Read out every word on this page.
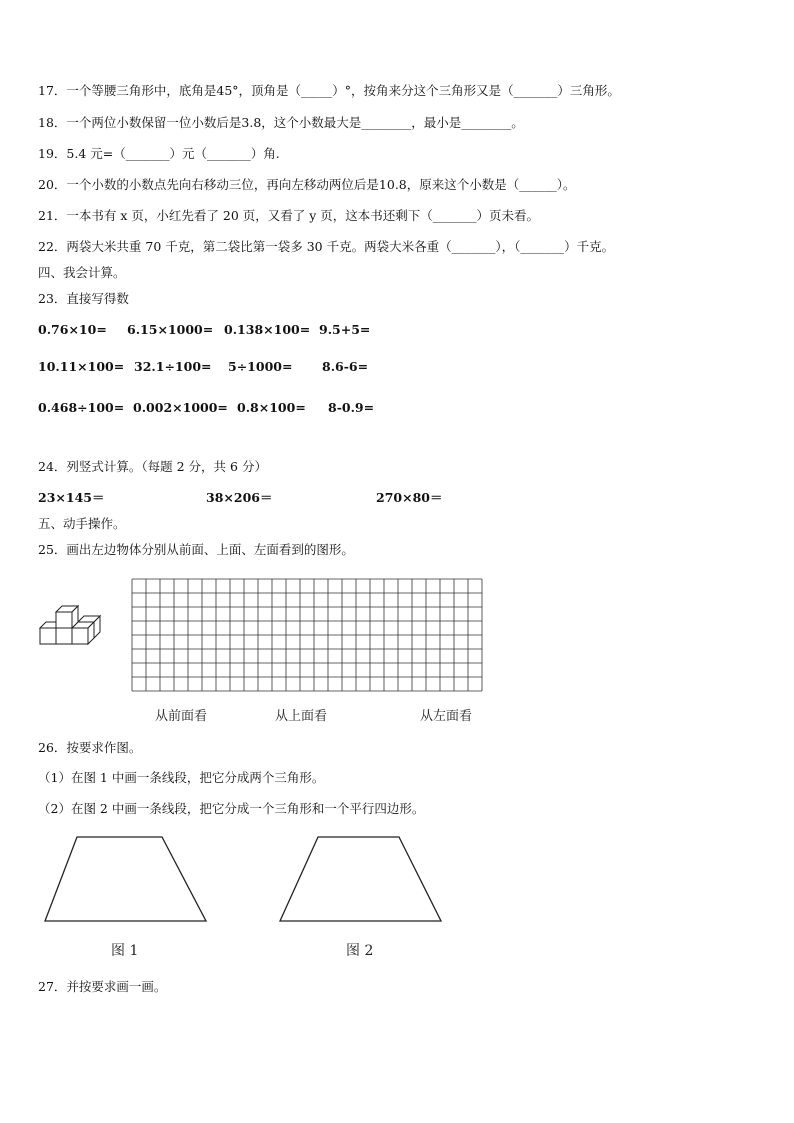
17．一个等腰三角形中，底角是45°，顶角是（_____）°，按角来分这个三角形又是（_______）三角形。
18．一个两位小数保留一位小数后是3.8，这个小数最大是________，最小是________。
19．5.4 元=（_______）元（_______）角.
20．一个小数的小数点先向右移动三位，再向左移动两位后是10.8，原来这个小数是（______）。
21．一本书有 x 页，小红先看了 20 页，又看了 y 页，这本书还剩下（_______）页未看。
22．两袋大米共重 70 千克，第二袋比第一袋多 30 千克。两袋大米各重（_______），（_______）千克。
四、我会计算。
23．直接写得数
0.76×10= 6.15×1000= 0.138×100= 9.5+5=
10.11×100= 32.1÷100= 5÷1000= 8.6-6=
0.468÷100= 0.002×1000= 0.8×100= 8-0.9=
24．列竖式计算。（每题 2 分，共 6 分）
23×145＝	38×206＝	270×80＝
五、动手操作。
25．画出左边物体分别从前面、上面、左面看到的图形。
从前面看	从上面看	从左面看
26．按要求作图。
（1）在图 1 中画一条线段，把它分成两个三角形。
（2）在图 2 中画一条线段，把它分成一个三角形和一个平行四边形。
图 1	图 2
27．并按要求画一画。
